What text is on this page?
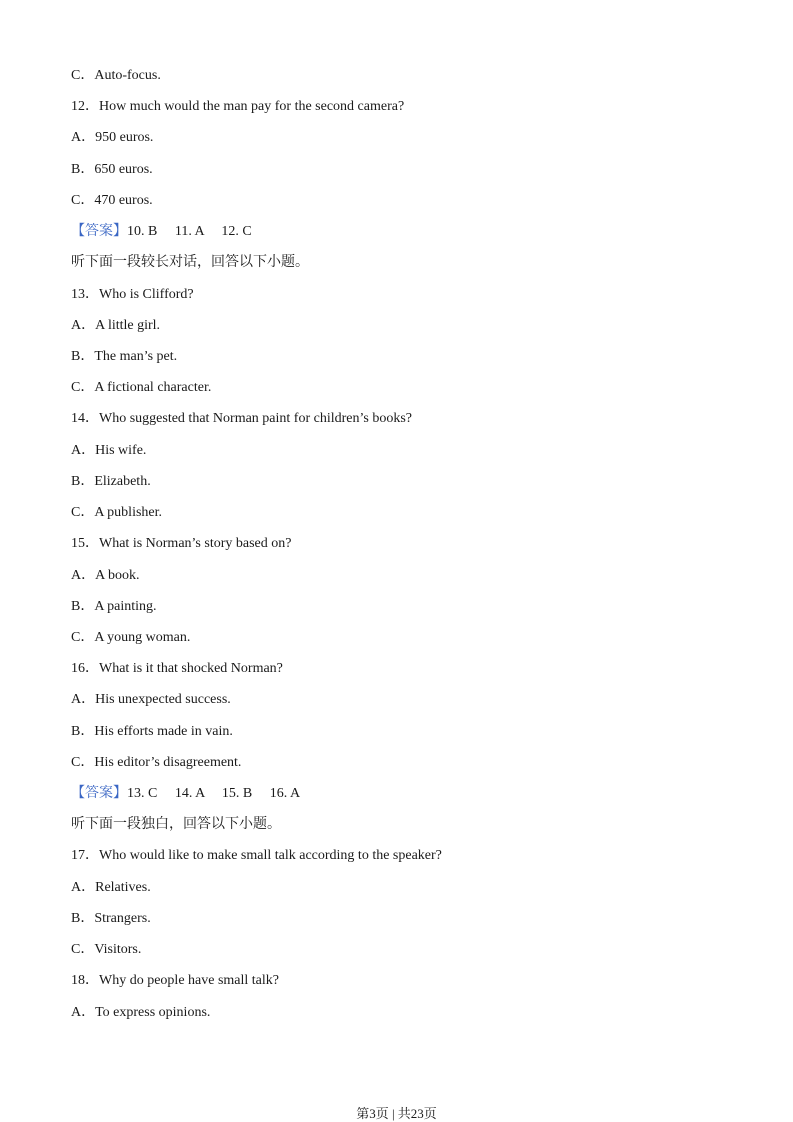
C．Auto-focus.
12．How much would the man pay for the second camera?
A．950 euros.
B．650 euros.
C．470 euros.
【答案】10. B     11. A     12. C
听下面一段较长对话，回答以下小题。
13．Who is Clifford?
A．A little girl.
B．The man’s pet.
C．A fictional character.
14．Who suggested that Norman paint for children’s books?
A．His wife.
B．Elizabeth.
C．A publisher.
15．What is Norman’s story based on?
A．A book.
B．A painting.
C．A young woman.
16．What is it that shocked Norman?
A．His unexpected success.
B．His efforts made in vain.
C．His editor’s disagreement.
【答案】13. C     14. A     15. B     16. A
听下面一段独白，回答以下小题。
17．Who would like to make small talk according to the speaker?
A．Relatives.
B．Strangers.
C．Visitors.
18．Why do people have small talk?
A．To express opinions.
第3页 | 共23页
